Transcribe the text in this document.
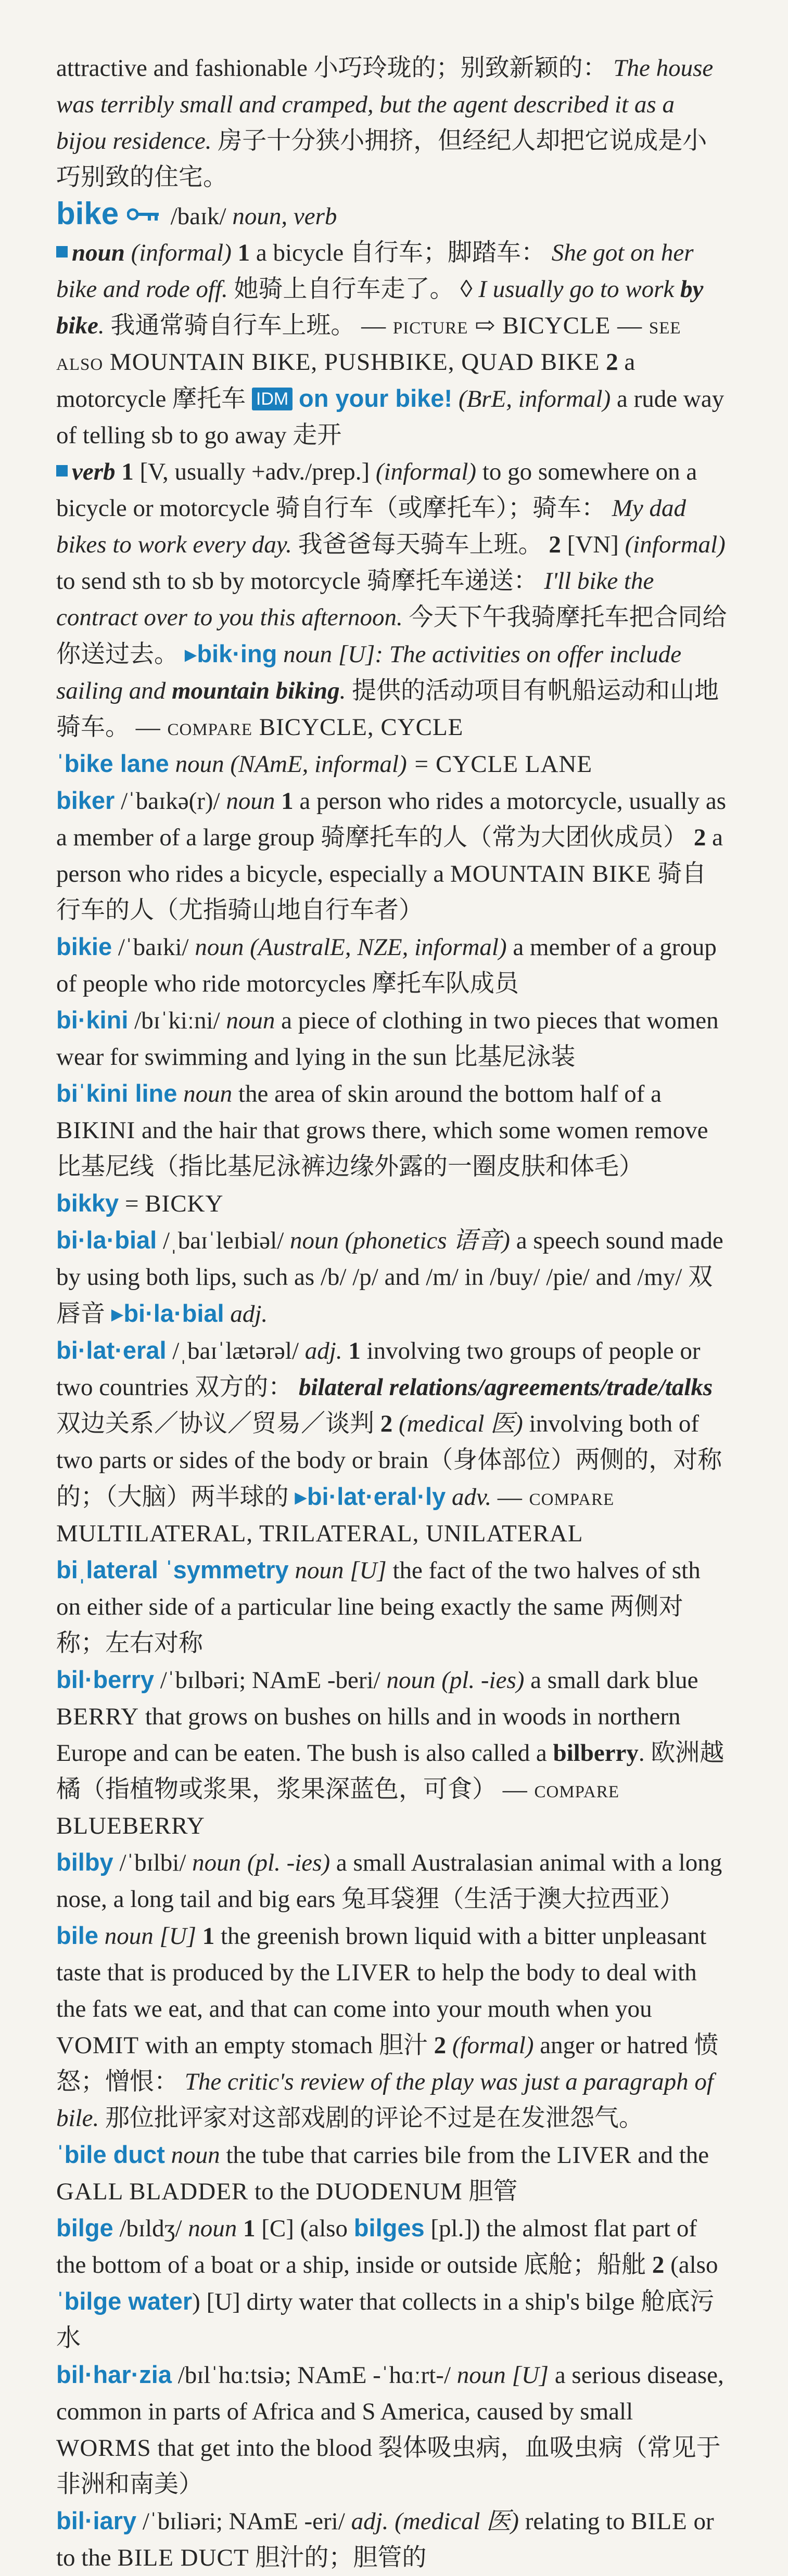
attractive and fashionable 小巧玲珑的；别致新颖的： The house was terribly small and cramped, but the agent described it as a bijou residence. 房子十分狭小拥挤，但经纪人却把它说成是小巧别致的住宅。

bike /baɪk/ noun, verb
noun (informal) 1 a bicycle 自行车；脚踏车： She got on her bike and rode off. 她骑上自行车走了。 ◊ I usually go to work by bike. 我通常骑自行车上班。 — picture ⇨ BICYCLE — see also MOUNTAIN BIKE, PUSHBIKE, QUAD BIKE 2 a motorcycle 摩托车 IDM on your bike! (BrE, informal) a rude way of telling sb to go away 走开
verb 1 [V, usually +adv./prep.] (informal) to go somewhere on a bicycle or motorcycle 骑自行车（或摩托车）；骑车： My dad bikes to work every day. 我爸爸每天骑车上班。 2 [VN] (informal) to send sth to sb by motorcycle 骑摩托车递送： I'll bike the contract over to you this afternoon. 今天下午我骑摩托车把合同给你送过去。 ▸bik·ing noun [U]: The activities on offer include sailing and mountain biking. 提供的活动项目有帆船运动和山地骑车。 — compare BICYCLE, CYCLE

ˈbike lane noun (NAmE, informal) = CYCLE LANE

biker /ˈbaɪkə(r)/ noun 1 a person who rides a motorcycle, usually as a member of a large group 骑摩托车的人（常为大团伙成员） 2 a person who rides a bicycle, especially a MOUNTAIN BIKE 骑自行车的人（尤指骑山地自行车者）

bikie /ˈbaɪki/ noun (AustralE, NZE, informal) a member of a group of people who ride motorcycles 摩托车队成员

bi·kini /bɪˈkiːni/ noun a piece of clothing in two pieces that women wear for swimming and lying in the sun 比基尼泳装

biˈkini line noun the area of skin around the bottom half of a BIKINI and the hair that grows there, which some women remove 比基尼线（指比基尼泳裤边缘外露的一圈皮肤和体毛）

bikky = BICKY

bi·la·bial /ˌbaɪˈleɪbiəl/ noun (phonetics 语音) a speech sound made by using both lips, such as /b/ /p/ and /m/ in /buy/ /pie/ and /my/ 双唇音 ▸bi·la·bial adj.

bi·lat·eral /ˌbaɪˈlætərəl/ adj. 1 involving two groups of people or two countries 双方的： bilateral relations/agreements/trade/talks 双边关系／协议／贸易／谈判 2 (medical 医) involving both of two parts or sides of the body or brain（身体部位）两侧的，对称的；（大脑）两半球的 ▸bi·lat·eral·ly adv. — compare MULTILATERAL, TRILATERAL, UNILATERAL

biˌlateral ˈsymmetry noun [U] the fact of the two halves of sth on either side of a particular line being exactly the same 两侧对称；左右对称

bil·berry /ˈbɪlbəri; NAmE -beri/ noun (pl. -ies) a small dark blue BERRY that grows on bushes on hills and in woods in northern Europe and can be eaten. The bush is also called a bilberry. 欧洲越橘（指植物或浆果，浆果深蓝色，可食） — compare BLUEBERRY

bilby /ˈbɪlbi/ noun (pl. -ies) a small Australasian animal with a long nose, a long tail and big ears 兔耳袋狸（生活于澳大拉西亚）

bile noun [U] 1 the greenish brown liquid with a bitter unpleasant taste that is produced by the LIVER to help the body to deal with the fats we eat, and that can come into your mouth when you VOMIT with an empty stomach 胆汁 2 (formal) anger or hatred 愤怒；憎恨： The critic's review of the play was just a paragraph of bile. 那位批评家对这部戏剧的评论不过是在发泄怨气。

ˈbile duct noun the tube that carries bile from the LIVER and the GALL BLADDER to the DUODENUM 胆管

bilge /bɪldʒ/ noun 1 [C] (also bilges [pl.]) the almost flat part of the bottom of a boat or a ship, inside or outside 底舱；船舭 2 (also ˈbilge water) [U] dirty water that collects in a ship's bilge 舱底污水

bil·har·zia /bɪlˈhɑːtsiə; NAmE -ˈhɑːrt-/ noun [U] a serious disease, common in parts of Africa and S America, caused by small WORMS that get into the blood 裂体吸虫病，血吸虫病（常见于非洲和南美）

bil·iary /ˈbɪliəri; NAmE -eri/ adj. (medical 医) relating to BILE or to the BILE DUCT 胆汁的；胆管的
